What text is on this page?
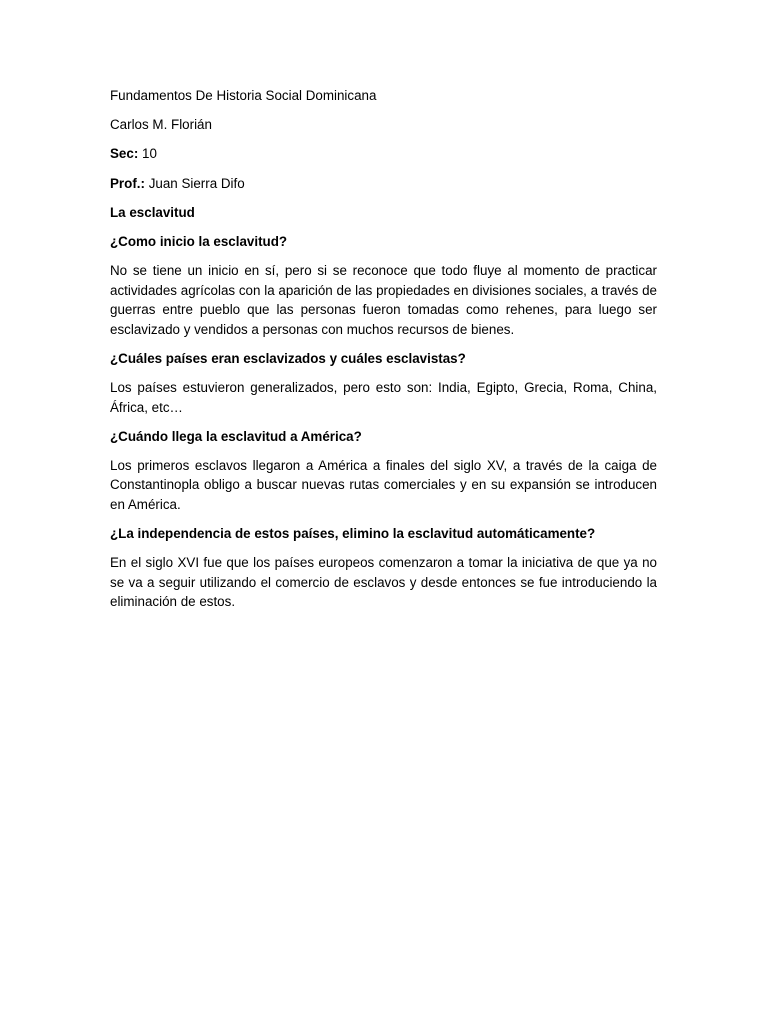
Fundamentos De Historia Social Dominicana

Carlos M. Florián

Sec: 10

Prof.: Juan Sierra Difo

La esclavitud

¿Como inicio la esclavitud?

No se tiene un inicio en sí, pero si se reconoce que todo fluye al momento de practicar actividades agrícolas con la aparición de las propiedades en divisiones sociales, a través de guerras entre pueblo que las personas fueron tomadas como rehenes, para luego ser esclavizado y vendidos a personas con muchos recursos de bienes.

¿Cuáles países eran esclavizados y cuáles esclavistas?

Los países estuvieron generalizados, pero esto son: India, Egipto, Grecia, Roma, China, África, etc…

¿Cuándo llega la esclavitud a América?

Los primeros esclavos llegaron a América a finales del siglo XV, a través de la caiga de Constantinopla obligo a buscar nuevas rutas comerciales y en su expansión se introducen en América.

¿La independencia de estos países, elimino la esclavitud automáticamente?

En el siglo XVI fue que los países europeos comenzaron a tomar la iniciativa de que ya no se va a seguir utilizando el comercio de esclavos y desde entonces se fue introduciendo la eliminación de estos.
